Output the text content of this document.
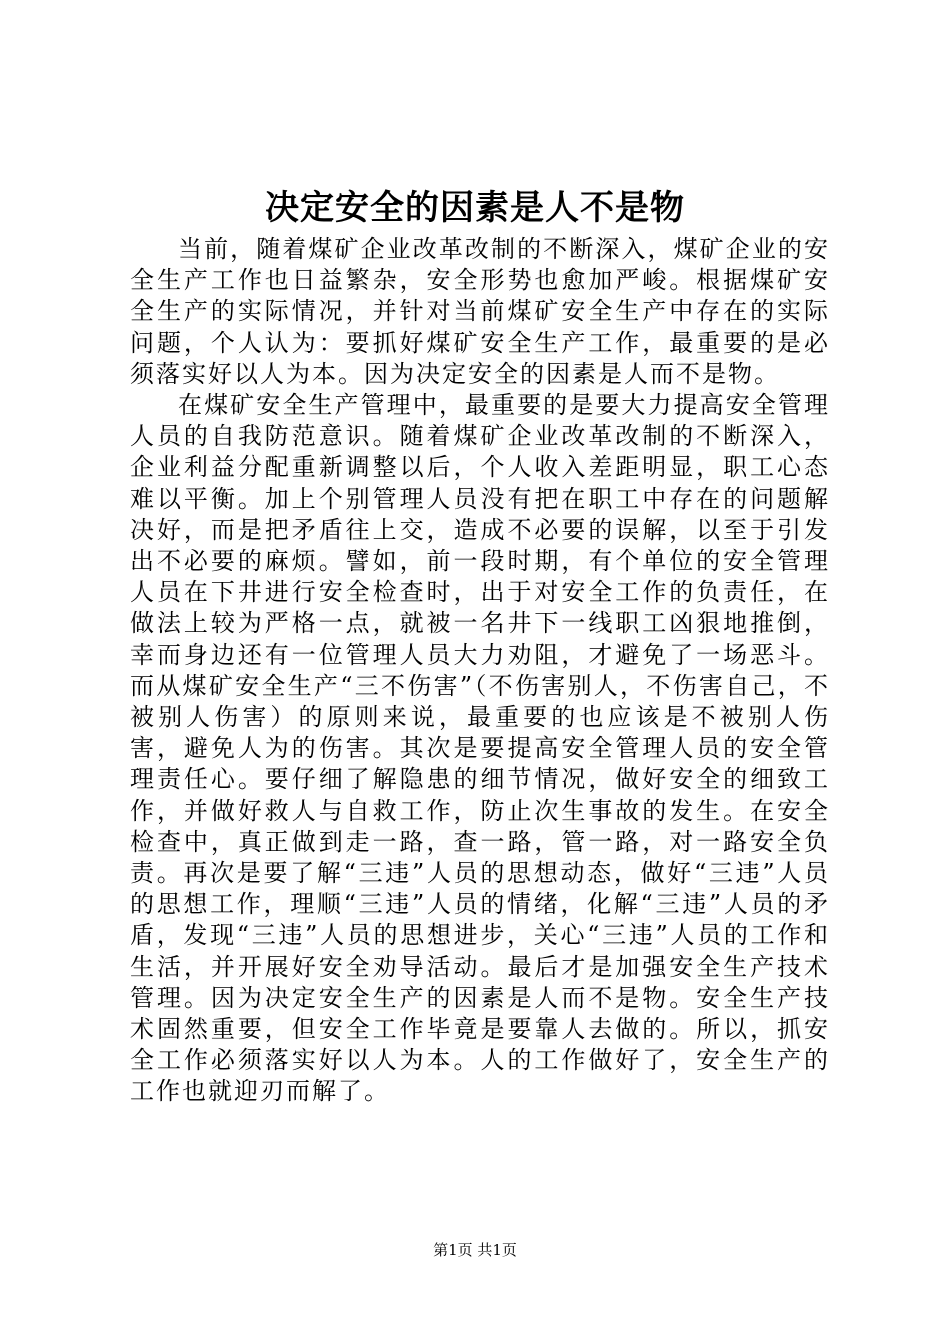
决定安全的因素是人不是物

当前，随着煤矿企业改革改制的不断深入，煤矿企业的安全生产工作也日益繁杂，安全形势也愈加严峻。根据煤矿安全生产的实际情况，并针对当前煤矿安全生产中存在的实际问题，个人认为：要抓好煤矿安全生产工作，最重要的是必须落实好以人为本。因为决定安全的因素是人而不是物。

在煤矿安全生产管理中，最重要的是要大力提高安全管理人员的自我防范意识。随着煤矿企业改革改制的不断深入，企业利益分配重新调整以后，个人收入差距明显，职工心态难以平衡。加上个别管理人员没有把在职工中存在的问题解决好，而是把矛盾往上交，造成不必要的误解，以至于引发出不必要的麻烦。譬如，前一段时期，有个单位的安全管理人员在下井进行安全检查时，出于对安全工作的负责任，在做法上较为严格一点，就被一名井下一线职工凶狠地推倒，幸而身边还有一位管理人员大力劝阻，才避免了一场恶斗。而从煤矿安全生产“三不伤害”（不伤害别人，不伤害自己，不被别人伤害）的原则来说，最重要的也应该是不被别人伤害，避免人为的伤害。其次是要提高安全管理人员的安全管理责任心。要仔细了解隐患的细节情况，做好安全的细致工作，并做好救人与自救工作，防止次生事故的发生。在安全检查中，真正做到走一路，查一路，管一路，对一路安全负责。再次是要了解“三违”人员的思想动态，做好“三违”人员的思想工作，理顺“三违”人员的情绪，化解“三违”人员的矛盾，发现“三违”人员的思想进步，关心“三违”人员的工作和生活，并开展好安全劝导活动。最后才是加强安全生产技术管理。因为决定安全生产的因素是人而不是物。安全生产技术固然重要，但安全工作毕竟是要靠人去做的。所以，抓安全工作必须落实好以人为本。人的工作做好了，安全生产的工作也就迎刃而解了。

第1页 共1页
